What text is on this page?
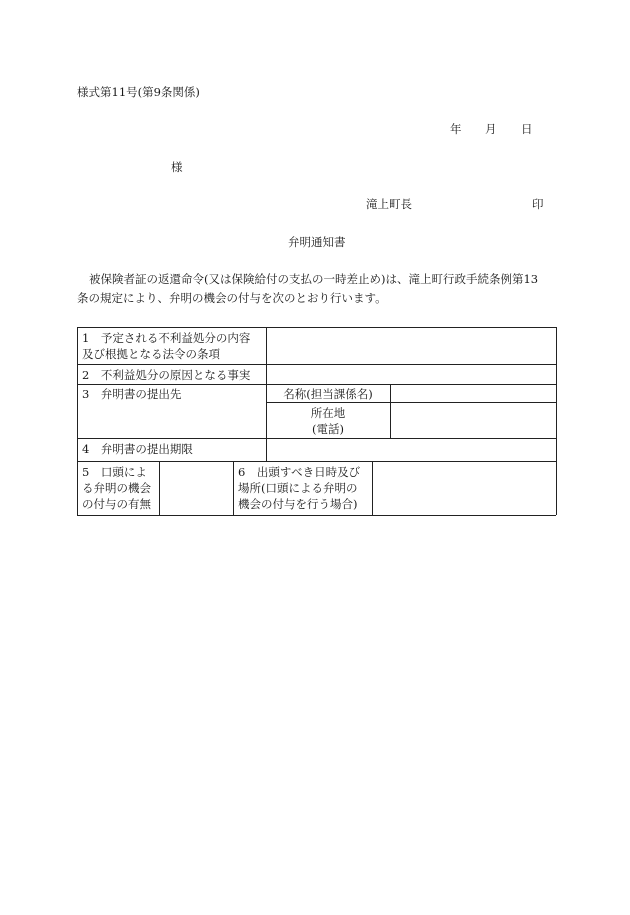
様式第11号(第9条関係)
年 月 日
様
滝上町長	印
弁明通知書
被保険者証の返還命令(又は保険給付の支払の一時差止め)は、滝上町行政手続条例第13
条の規定により、弁明の機会の付与を次のとおり行います。
1　予定される不利益処分の内容
及び根拠となる法令の条項
2　不利益処分の原因となる事実
3　弁明書の提出先	名称(担当課係名)
所在地
(電話)
4　弁明書の提出期限
5　口頭によ
る弁明の機会
の付与の有無
6　出頭すべき日時及び
場所(口頭による弁明の
機会の付与を行う場合)
